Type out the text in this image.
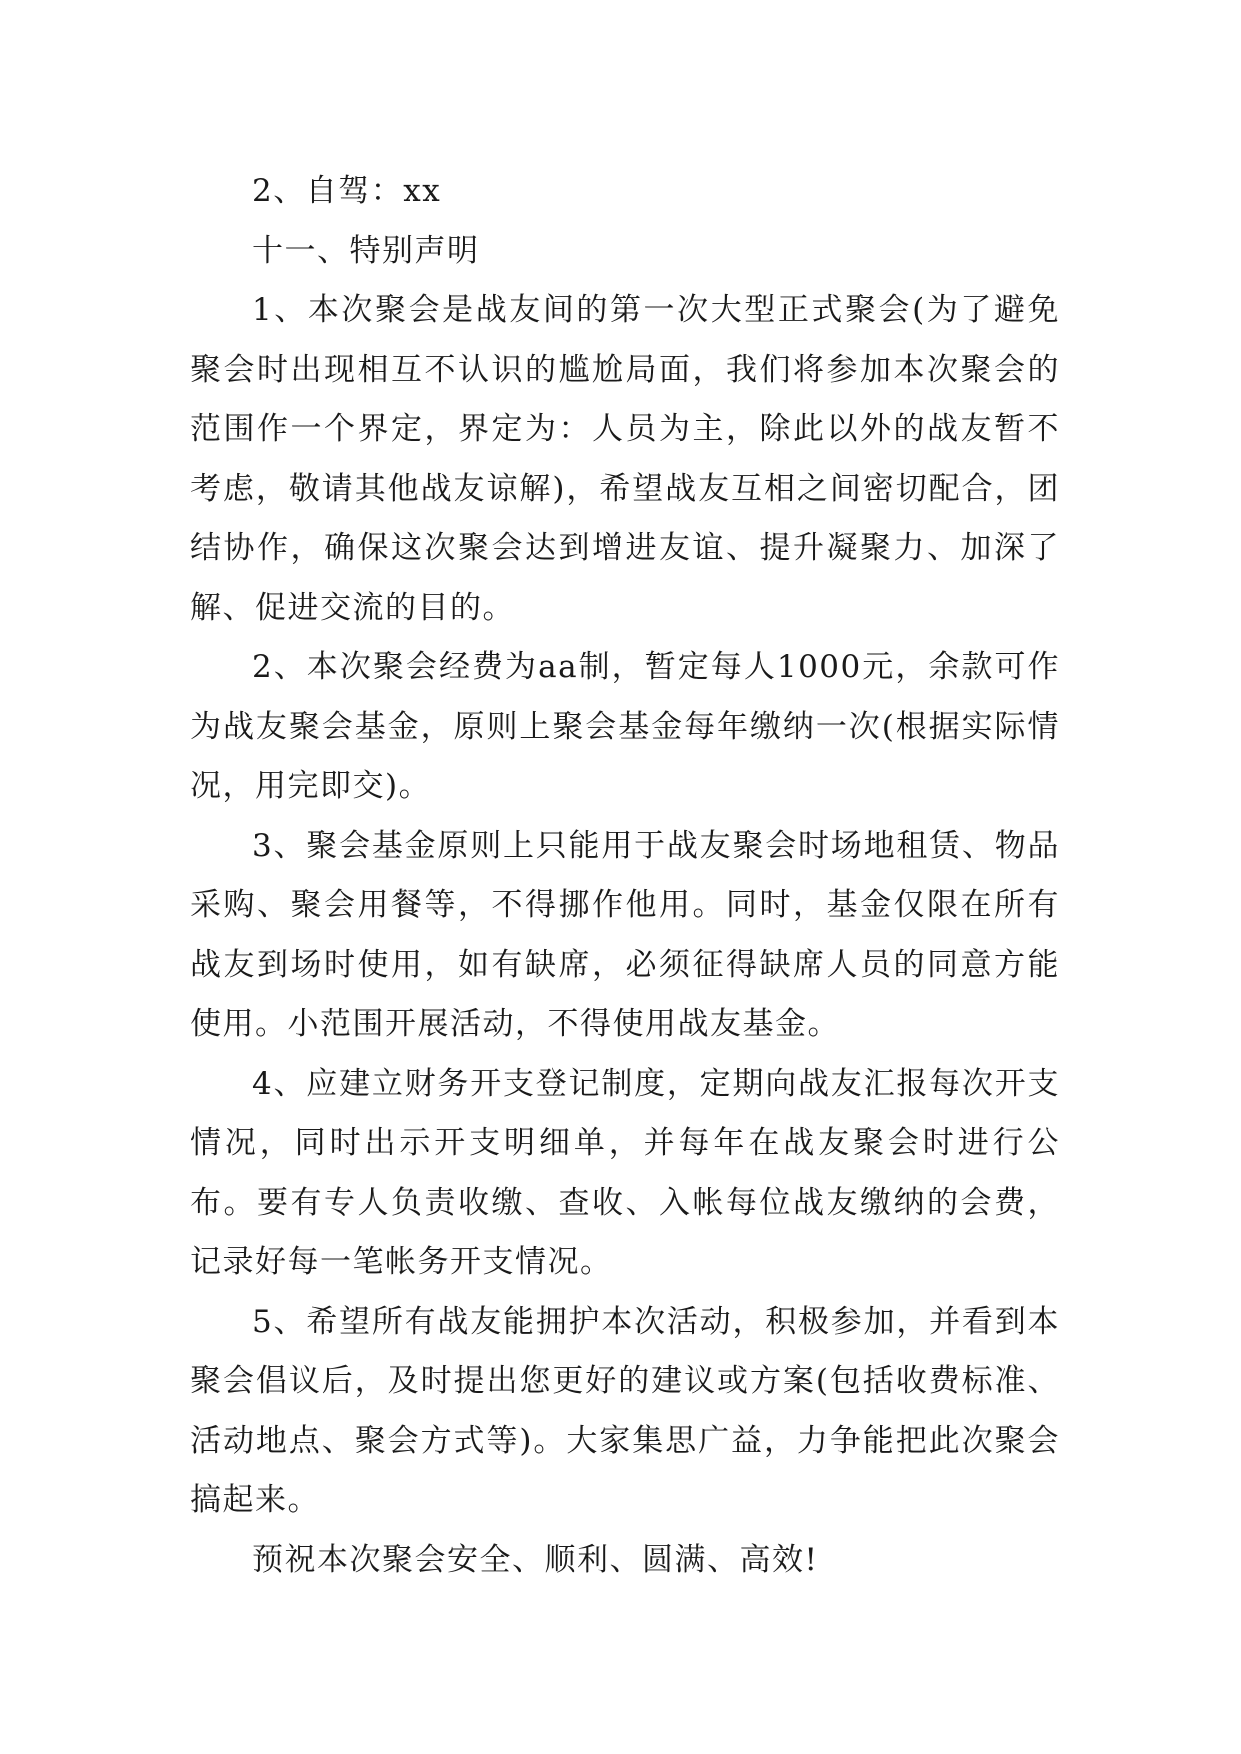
2、自驾：xx

十一、特别声明

1、本次聚会是战友间的第一次大型正式聚会(为了避免聚会时出现相互不认识的尴尬局面，我们将参加本次聚会的范围作一个界定，界定为：人员为主，除此以外的战友暂不考虑，敬请其他战友谅解)，希望战友互相之间密切配合，团结协作，确保这次聚会达到增进友谊、提升凝聚力、加深了解、促进交流的目的。

2、本次聚会经费为aa制，暂定每人1000元，余款可作为战友聚会基金，原则上聚会基金每年缴纳一次(根据实际情况，用完即交)。

3、聚会基金原则上只能用于战友聚会时场地租赁、物品采购、聚会用餐等，不得挪作他用。同时，基金仅限在所有战友到场时使用，如有缺席，必须征得缺席人员的同意方能使用。小范围开展活动，不得使用战友基金。

4、应建立财务开支登记制度，定期向战友汇报每次开支情况，同时出示开支明细单，并每年在战友聚会时进行公布。要有专人负责收缴、查收、入帐每位战友缴纳的会费，记录好每一笔帐务开支情况。

5、希望所有战友能拥护本次活动，积极参加，并看到本聚会倡议后，及时提出您更好的建议或方案(包括收费标准、活动地点、聚会方式等)。大家集思广益，力争能把此次聚会搞起来。

预祝本次聚会安全、顺利、圆满、高效!
